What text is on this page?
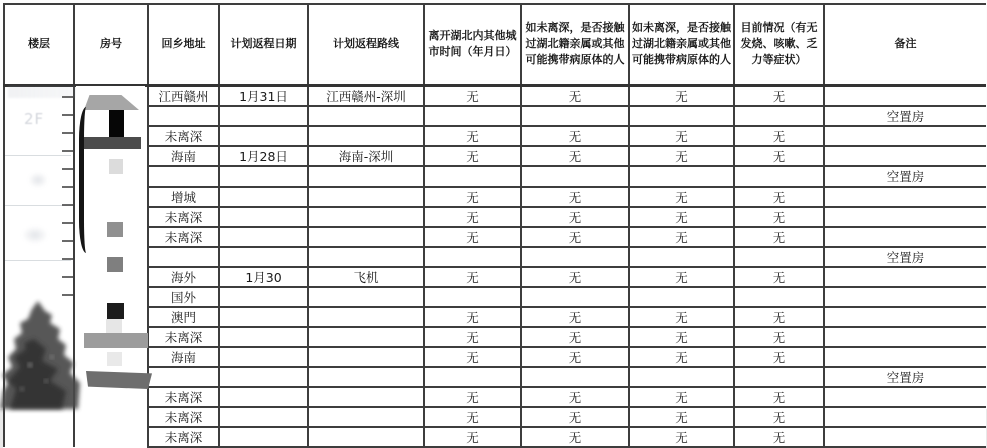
楼层	房号	回乡地址	计划返程日期	计划返程路线	离开湖北内其他城市时间（年月日）	如未离深，是否接触过湖北籍亲属或其他可能携带病原体的人	如未离深，是否接触过湖北籍亲属或其他可能携带病原体的人	目前情况（有无发烧、咳嗽、乏力等症状）	备注
		江西赣州	1月31日	江西赣州-深圳	无	无	无	无	
									空置房
		未离深			无	无	无	无	
		海南	1月28日	海南-深圳	无	无	无	无	
									空置房
		增城			无	无	无	无	
		未离深			无	无	无	无	
		未离深			无	无	无	无	
									空置房
		海外	1月30	飞机	无	无	无	无	
		国外							
		澳門			无	无	无	无	
		未离深			无	无	无	无	
		海南			无	无	无	无	
									空置房
		未离深			无	无	无	无	
		未离深			无	无	无	无	
		未离深			无	无	无	无	
2F
